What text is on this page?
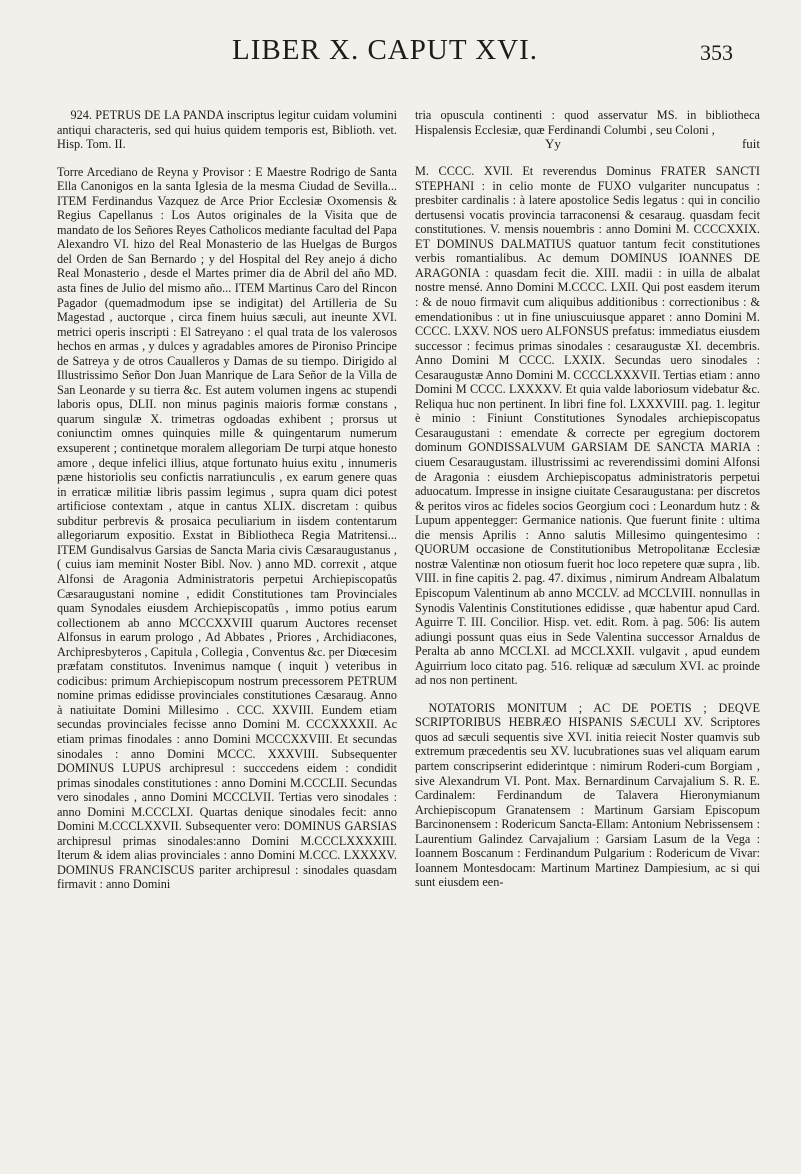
LIBER X. CAPUT XVI.	353

924. PETRUS DE LA PANDA inscriptus legitur cuidam volumini antiqui characteris, sed qui huius quidem temporis est, Biblioth. vet. Hisp. Tom. II.

Torre Arcediano de Reyna y Provisor : E Maestre Rodrigo de Santa Ella Canonigos en la santa Iglesia de la mesma Ciudad de Sevilla... ITEM Ferdinandus Vazquez de Arce Prior Ecclesiæ Oxomensis & Regius Capellanus : Los Autos originales de la Visita que de mandato de los Señores Reyes Catholicos mediante facultad del Papa Alexandro VI. hizo del Real Monasterio de las Huelgas de Burgos del Orden de San Bernardo ; y del Hospital del Rey anejo á dicho Real Monasterio , desde el Martes primer dia de Abril del año MD. asta fines de Julio del mismo año... ITEM Martinus Caro del Rincon Pagador (quemadmodum ipse se indigitat) del Artilleria de Su Magestad , auctorque , circa finem huius sæculi, aut ineunte XVI. metrici operis inscripti : El Satreyano : el qual trata de los valerosos hechos en armas , y dulces y agradables amores de Pironiso Principe de Satreya y de otros Caualleros y Damas de su tiempo. Dirigido al Illustrissimo Señor Don Juan Manrique de Lara Señor de la Villa de San Leonarde y su tierra &c. Est autem volumen ingens ac stupendi laboris opus, DLII. non minus paginis maioris formæ constans , quarum singulæ X. trimetras ogdoadas exhibent ; prorsus ut coniunctim omnes quinquies mille & quingentarum numerum exsuperent ; continetque moralem allegoriam De turpi atque honesto amore , deque infelici illius, atque fortunato huius exitu , innumeris pæne historiolis seu confictis narratiunculis , ex earum genere quas in erraticæ militiæ libris passim legimus , supra quam dici potest artificiose contextam , atque in cantus XLIX. discretam : quibus subditur perbrevis & prosaica peculiarium in iisdem contentarum allegoriarum expositio. Exstat in Bibliotheca Regia Matritensi... ITEM Gundisalvus Garsias de Sancta Maria civis Cæsaraugustanus , ( cuius iam meminit Noster Bibl. Nov. ) anno MD. correxit , atque Alfonsi de Aragonia Administratoris perpetui Archiepiscopatûs Cæsaraugustani nomine , edidit Constitutiones tam Provinciales quam Synodales eiusdem Archiepiscopatûs , immo potius earum collectionem ab anno MCCCXXVIII quarum Auctores recenset Alfonsus in earum prologo , Ad Abbates , Priores , Archidiacones, Archipresbyteros , Capitula , Collegia , Conventus &c. per Diœcesim præfatam constitutos. Invenimus namque ( inquit ) veteribus in codicibus: primum Archiepiscopum nostrum precessorem PETRUM nomine primas edidisse provinciales constitutiones Cæsaraug. Anno à natiuitate Domini Millesimo . CCC. XXVIII. Eundem etiam secundas provinciales fecisse anno Domini M. CCCXXXXII. Ac etiam primas finodales : anno Domini MCCCXXVIII. Et secundas sinodales : anno Domini MCCC. XXXVIII. Subsequenter DOMINUS LUPUS archipresul : succcedens eidem : condidit primas sinodales constitutiones : anno Domini M.CCCLII. Secundas vero sinodales , anno Domini MCCCLVII. Tertias vero sinodales : anno Domini M.CCCLXI. Quartas denique sinodales fecit: anno Domini M.CCCLXXVII. Subsequenter vero: DOMINUS GARSIAS archipresul primas sinodales:anno Domini M.CCCLXXXXIII. Iterum & idem alias provinciales : anno Domini M.CCC. LXXXXV. DOMINUS FRANCISCUS pariter archipresul : sinodales quasdam firmavit : anno Domini

tria opuscula continenti : quod asservatur MS. in bibliotheca Hispalensis Ecclesiæ, quæ Ferdinandi Columbi , seu Coloni ,

Yy	fuit

M. CCCC. XVII. Et reverendus Dominus FRATER SANCTI STEPHANI : in celio monte de FUXO vulgariter nuncupatus : presbiter cardinalis : à latere apostolice Sedis legatus : qui in concilio dertusensi vocatis provincia tarraconensi & cesaraug. quasdam fecit constitutiones. V. mensis nouembris : anno Domini M. CCCCXXIX. ET DOMINUS DALMATIUS quatuor tantum fecit constitutiones verbis romantialibus. Ac demum DOMINUS IOANNES DE ARAGONIA : quasdam fecit die. XIII. madii : in uilla de albalat nostre mensé. Anno Domini M.CCCC. LXII. Qui post easdem iterum : & de nouo firmavit cum aliquibus additionibus : correctionibus : & emendationibus : ut in fine uniuscuiusque apparet : anno Domini M. CCCC. LXXV. NOS uero ALFONSUS prefatus: immediatus eiusdem successor : fecimus primas sinodales : cesaraugustæ XI. decembris. Anno Domini M CCCC. LXXIX. Secundas uero sinodales : Cesaraugustæ Anno Domini M. CCCCLXXXVII. Tertias etiam : anno Domini M CCCC. LXXXXV. Et quia valde laboriosum videbatur &c. Reliqua huc non pertinent. In libri fine fol. LXXXVIII. pag. 1. legitur è minio : Finiunt Constitutiones Synodales archiepiscopatus Cesaraugustani : emendate & correcte per egregium doctorem dominum GONDISSALVUM GARSIAM DE SANCTA MARIA : ciuem Cesaraugustam. illustrissimi ac reverendissimi domini Alfonsi de Aragonia : eiusdem Archiepiscopatus administratoris perpetui aduocatum. Impresse in insigne ciuitate Cesaraugustana: per discretos & peritos viros ac fideles socios Georgium coci : Leonardum hutz : & Lupum appentegger: Germanice nationis. Que fuerunt finite : ultima die mensis Aprilis : Anno salutis Millesimo quingentesimo : QUORUM occasione de Constitutionibus Metropolitanæ Ecclesiæ nostræ Valentinæ non otiosum fuerit hoc loco repetere quæ supra , lib. VIII. in fine capitis 2. pag. 47. diximus , nimirum Andream Albalatum Episcopum Valentinum ab anno MCCLV. ad MCCLVIII. nonnullas in Synodis Valentinis Constitutiones edidisse , quæ habentur apud Card. Aguirre T. III. Concilior. Hisp. vet. edit. Rom. à pag. 506: Iis autem adiungi possunt quas eius in Sede Valentina successor Arnaldus de Peralta ab anno MCCLXI. ad MCCLXXII. vulgavit , apud eundem Aguirrium loco citato pag. 516. reliquæ ad sæculum XVI. ac proinde ad nos non pertinent.

NOTATORIS MONITUM ; AC DE POETIS ; DEQVE SCRIPTORIBUS HEBRÆO HISPANIS SÆCULI XV. Scriptores quos ad sæculi sequentis sive XVI. initia reiecit Noster quamvis sub extremum præcedentis seu XV. lucubrationes suas vel aliquam earum partem conscripserint ediderintque : nimirum Roderi-cum Borgiam , sive Alexandrum VI. Pont. Max. Bernardinum Carvajalium S. R. E. Cardinalem: Ferdinandum de Talavera Hieronymianum Archiepiscopum Granatensem : Martinum Garsiam Episcopum Barcinonensem : Rodericum Sancta-Ellam: Antonium Nebrissensem : Laurentium Galindez Carvajalium : Garsiam Lasum de la Vega : Ioannem Boscanum : Ferdinandum Pulgarium : Rodericum de Vivar: Ioannem Montesdocam: Martinum Martinez Dampiesium, ac si qui sunt eiusdem een-
